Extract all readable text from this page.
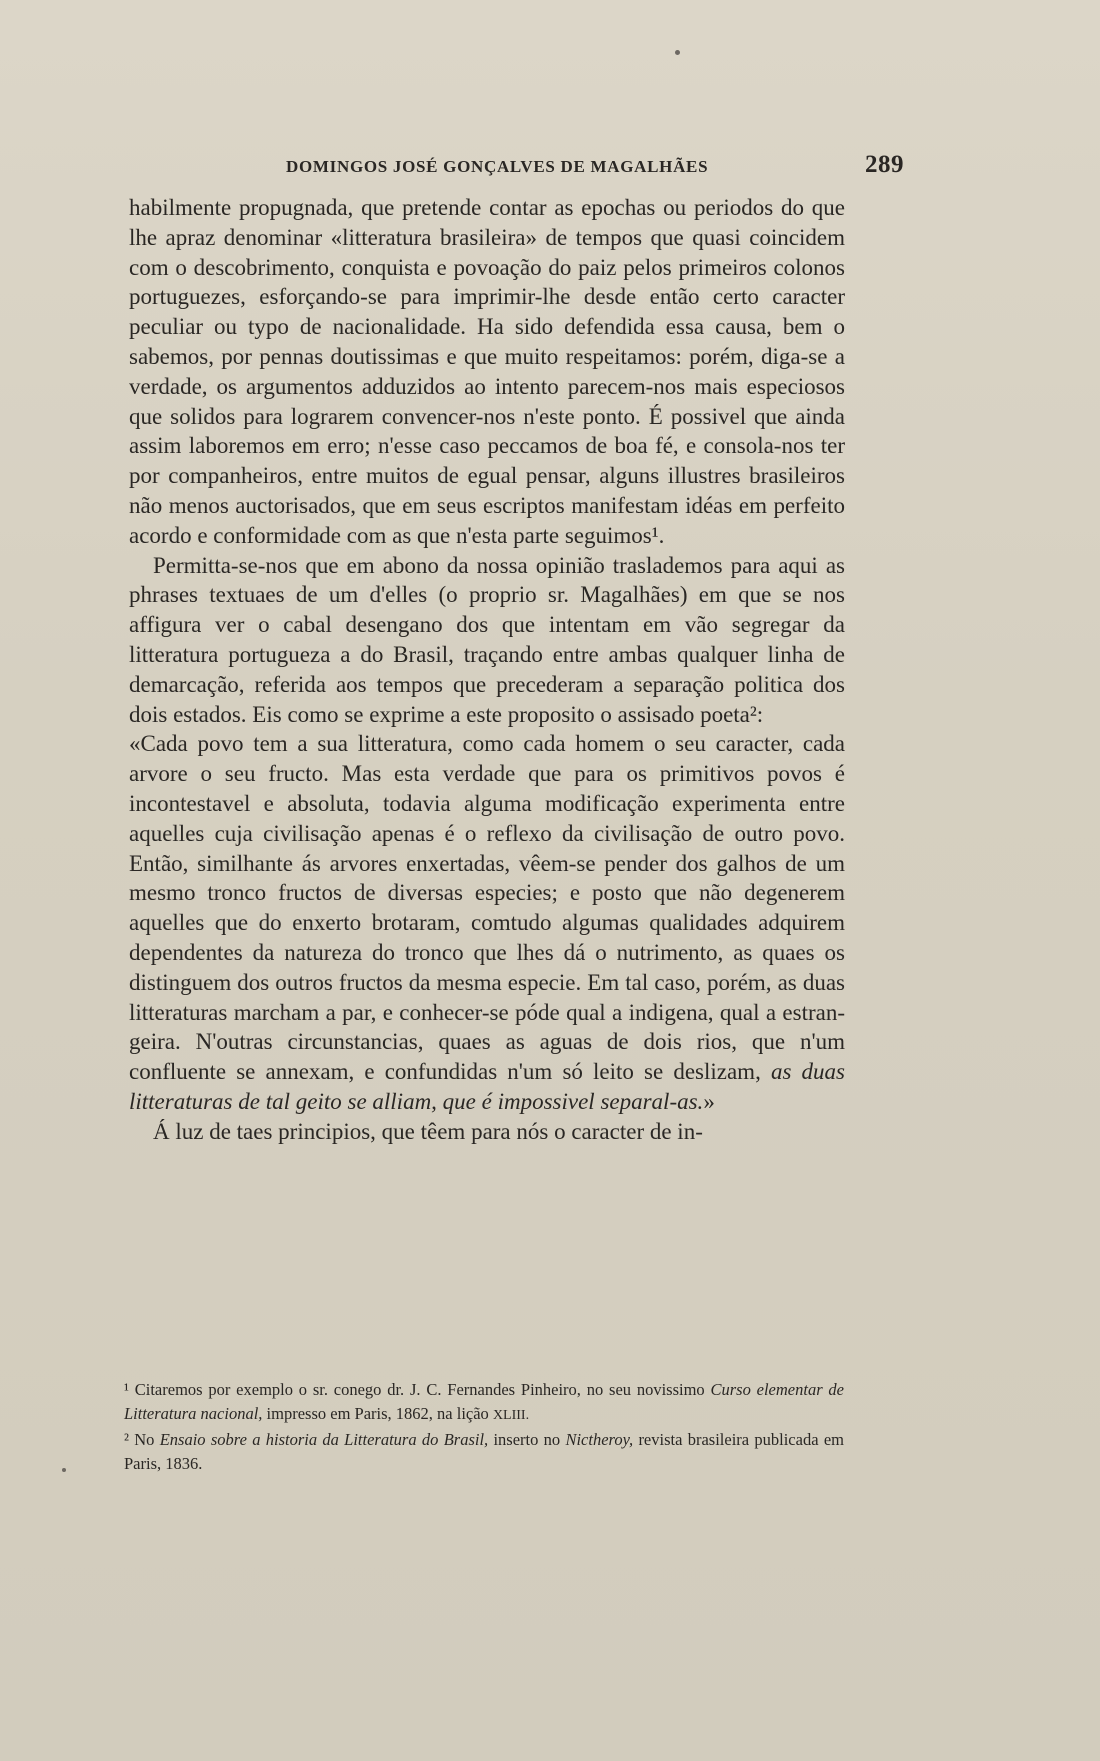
DOMINGOS JOSÉ GONÇALVES DE MAGALHÃES	289

habilmente propugnada, que pretende contar as epochas ou periodos do que lhe apraz denominar «litteratura brasileira» de tempos que quasi coincidem com o descobrimento, conquista e povoação do paiz pelos primeiros colonos portuguezes, esforçando-se para imprimir-lhe desde então certo caracter peculiar ou typo de nacionalidade. Ha sido defendida essa causa, bem o sabemos, por pennas doutissimas e que muito respeitamos: porém, diga-se a verdade, os argumentos adduzidos ao intento parecem-nos mais especiosos que solidos para lograrem convencer-nos n'este ponto. É possivel que ainda assim laboremos em erro; n'esse caso peccamos de boa fé, e consola-nos ter por companheiros, entre muitos de egual pensar, alguns illustres brasileiros não menos auctorisados, que em seus escriptos manifestam idéas em perfeito acordo e conformidade com as que n'esta parte seguimos¹.

Permitta-se-nos que em abono da nossa opinião traslademos para aqui as phrases textuaes de um d'elles (o proprio sr. Magalhães) em que se nos affigura ver o cabal desengano dos que intentam em vão segregar da litteratura portugueza a do Brasil, traçando entre ambas qualquer linha de demarcação, referida aos tempos que precederam a separação politica dos dois estados. Eis como se exprime a este proposito o assisado poeta²:

«Cada povo tem a sua litteratura, como cada homem o seu caracter, cada arvore o seu fructo. Mas esta verdade que para os primitivos povos é incontestavel e absoluta, todavia alguma modificação experimenta entre aquelles cuja civilisação apenas é o reflexo da civilisação de outro povo. Então, similhante ás arvores enxertadas, vêem-se pender dos galhos de um mesmo tronco fructos de diversas especies; e posto que não degenerem aquelles que do enxerto brotaram, comtudo algumas qualidades adquirem dependentes da natureza do tronco que lhes dá o nutrimento, as quaes os distinguem dos outros fructos da mesma especie. Em tal caso, porém, as duas litteraturas marcham a par, e conhecer-se póde qual a indigena, qual a estrangeira. N'outras circunstancias, quaes as aguas de dois rios, que n'um confluente se annexam, e confundidas n'um só leito se deslizam, as duas litteraturas de tal geito se alliam, que é impossivel separal-as.»

Á luz de taes principios, que têem para nós o caracter de in-

¹ Citaremos por exemplo o sr. conego dr. J. C. Fernandes Pinheiro, no seu novissimo Curso elementar de Litteratura nacional, impresso em Paris, 1862, na lição XLIII.

² No Ensaio sobre a historia da Litteratura do Brasil, inserto no Nictheroy, revista brasileira publicada em Paris, 1836.
